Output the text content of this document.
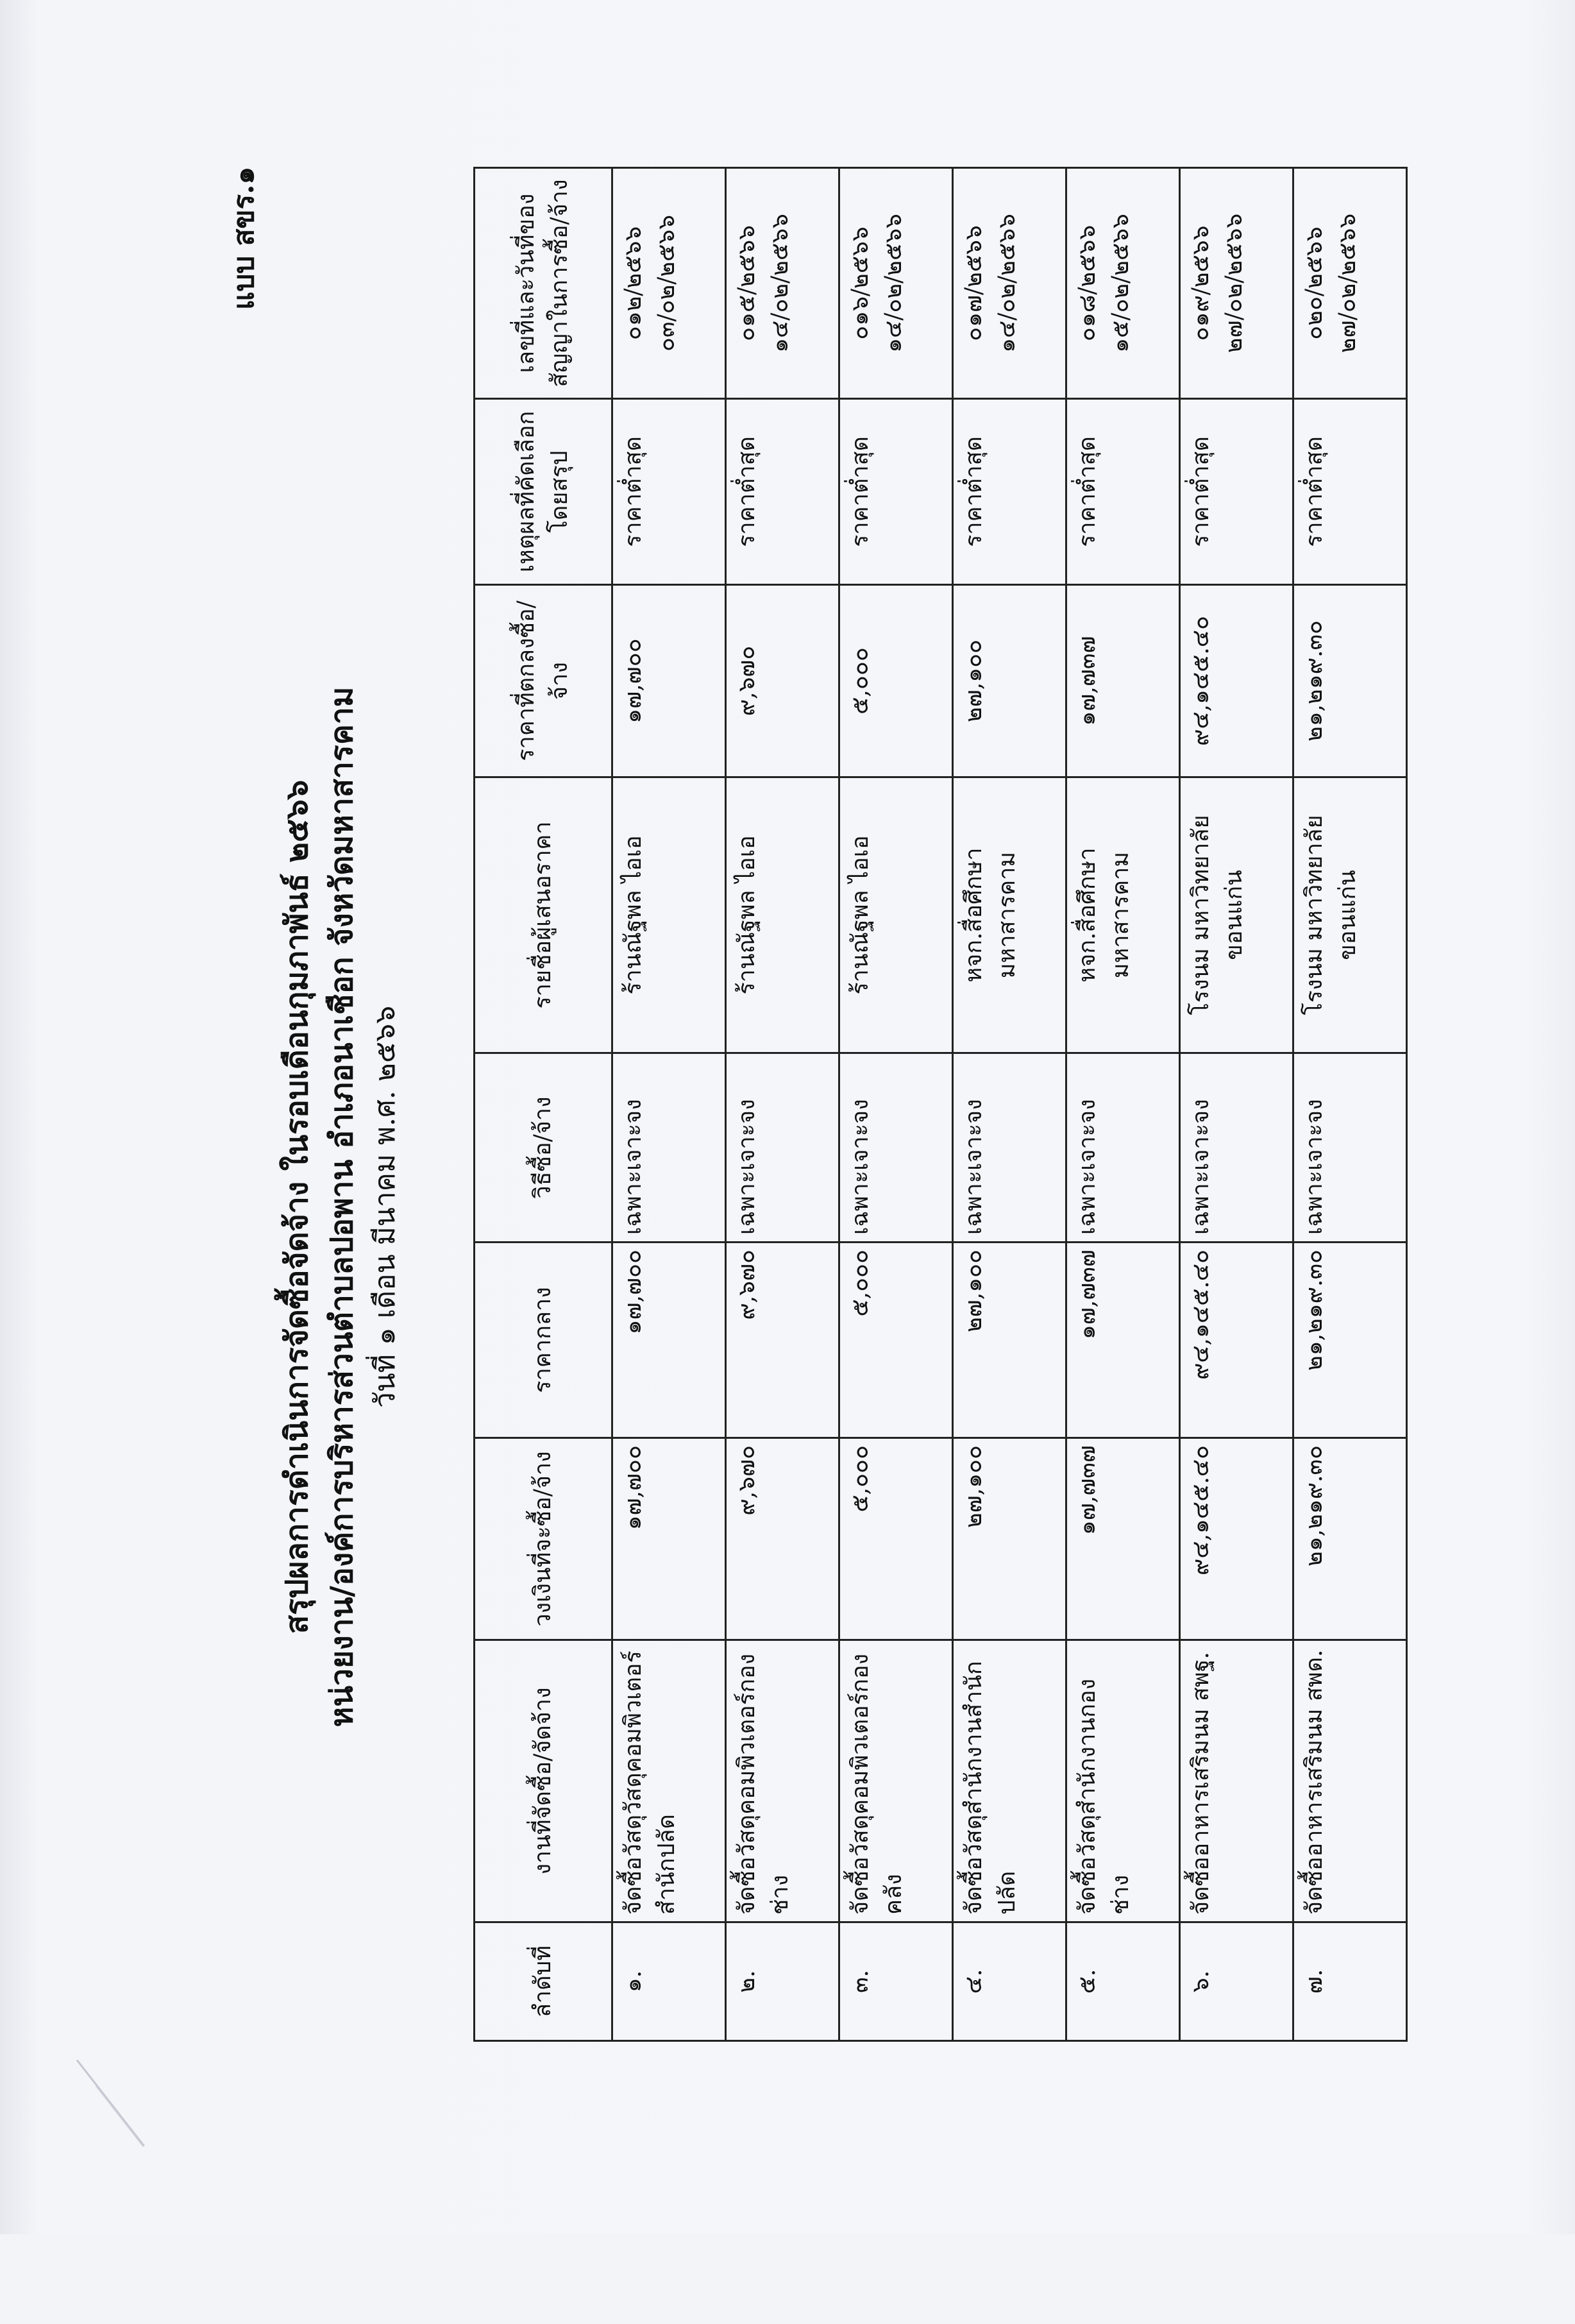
แบบ สขร.๑
สรุปผลการดำเนินการจัดซื้อจัดจ้าง ในรอบเดือนกุมภาพันธ์ ๒๕๖๖ หน่วยงาน/องค์การบริหารส่วนตำบลปอพาน อำเภอนาเชือก จังหวัดมหาสารคาม วันที่ ๑ เดือน มีนาคม พ.ศ. ๒๕๖๖
ลำดับที่	งานที่จัดซื้อ/จัดจ้าง	วงเงินที่จะซื้อ/จ้าง	ราคากลาง	วิธีซื้อ/จ้าง	รายชื่อผู้เสนอราคา	ราคาที่ตกลงซื้อ/จ้าง	เหตุผลที่คัดเลือกโดยสรุป	เลขที่และวันที่ของสัญญาในการซื้อ/จ้าง
๑.	จัดซื้อวัสดุวัสดุคอมพิวเตอร์สำนักปลัด	๑๗,๗๐๐	๑๗,๗๐๐	เฉพาะเจาะจง	ร้านณัฐพล ไอเอ	๑๗,๗๐๐	ราคาต่ำสุด	๐๑๒/๒๕๖๖ ๐๓/๐๒/๒๕๖๖

๒.	จัดซื้อวัสดุคอมพิวเตอร์กองช่าง	๙,๖๗๐	๙,๖๗๐	เฉพาะเจาะจง	ร้านณัฐพล ไอเอ	๙,๖๗๐	ราคาต่ำสุด	๐๑๕/๒๕๖๖ ๑๔/๐๒/๒๕๖๖

๓.	จัดซื้อวัสดุคอมพิวเตอร์กองคลัง	๕,๐๐๐	๕,๐๐๐	เฉพาะเจาะจง	ร้านณัฐพล ไอเอ	๕,๐๐๐	ราคาต่ำสุด	๐๑๖/๒๕๖๖ ๑๔/๐๒/๒๕๖๖

๔.	จัดซื้อวัสดุสำนักงานสำนักปลัด	๒๗,๑๐๐	๒๗,๑๐๐	เฉพาะเจาะจง	หจก.สื่อศึกษามหาสารคาม	๒๗,๑๐๐	ราคาต่ำสุด	๐๑๗/๒๕๖๖ ๑๔/๐๒/๒๕๖๖

๕.	จัดซื้อวัสดุสำนักงานกองช่าง	๑๗,๗๓๗	๑๗,๗๓๗	เฉพาะเจาะจง	หจก.สื่อศึกษามหาสารคาม	๑๗,๗๓๗	ราคาต่ำสุด	๐๑๘/๒๕๖๖ ๑๕/๐๒/๒๕๖๖

๖.	จัดซื้ออาหารเสริมนม สพฐ.	๙๔,๑๔๕.๔๐	๙๔,๑๔๕.๔๐	เฉพาะเจาะจง	โรงนม มหาวิทยาลัยขอนแก่น	๙๔,๑๔๕.๔๐	ราคาต่ำสุด	๐๑๙/๒๕๖๖ ๒๗/๐๒/๒๕๖๖

๗.	จัดซื้ออาหารเสริมนม สพด.	๒๑,๒๑๙.๓๐	๒๑,๒๑๙.๓๐	เฉพาะเจาะจง	โรงนม มหาวิทยาลัยขอนแก่น	๒๑,๒๑๙.๓๐	ราคาต่ำสุด	๐๒๐/๒๕๖๖ ๒๗/๐๒/๒๕๖๖
